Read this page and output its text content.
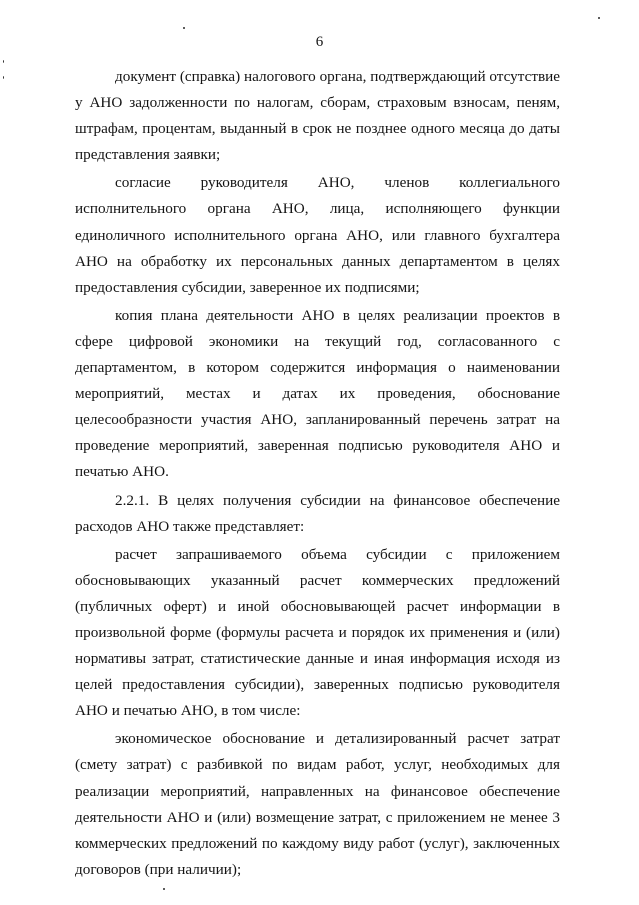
6

документ (справка) налогового органа, подтверждающий отсутствие у АНО задолженности по налогам, сборам, страховым взносам, пеням, штрафам, процентам, выданный в срок не позднее одного месяца до даты представления заявки;

согласие руководителя АНО, членов коллегиального исполнительного органа АНО, лица, исполняющего функции единоличного исполнительного органа АНО, или главного бухгалтера АНО на обработку их персональных данных департаментом в целях предоставления субсидии, заверенное их подписями;

копия плана деятельности АНО в целях реализации проектов в сфере цифровой экономики на текущий год, согласованного с департаментом, в котором содержится информация о наименовании мероприятий, местах и датах их проведения, обоснование целесообразности участия АНО, запланированный перечень затрат на проведение мероприятий, заверенная подписью руководителя АНО и печатью АНО.

2.2.1. В целях получения субсидии на финансовое обеспечение расходов АНО также представляет:

расчет запрашиваемого объема субсидии с приложением обосновывающих указанный расчет коммерческих предложений (публичных оферт) и иной обосновывающей расчет информации в произвольной форме (формулы расчета и порядок их применения и (или) нормативы затрат, статистические данные и иная информация исходя из целей предоставления субсидии), заверенных подписью руководителя АНО и печатью АНО, в том числе:

экономическое обоснование и детализированный расчет затрат (смету затрат) с разбивкой по видам работ, услуг, необходимых для реализации мероприятий, направленных на финансовое обеспечение деятельности АНО и (или) возмещение затрат, с приложением не менее 3 коммерческих предложений по каждому виду работ (услуг), заключенных договоров (при наличии);
